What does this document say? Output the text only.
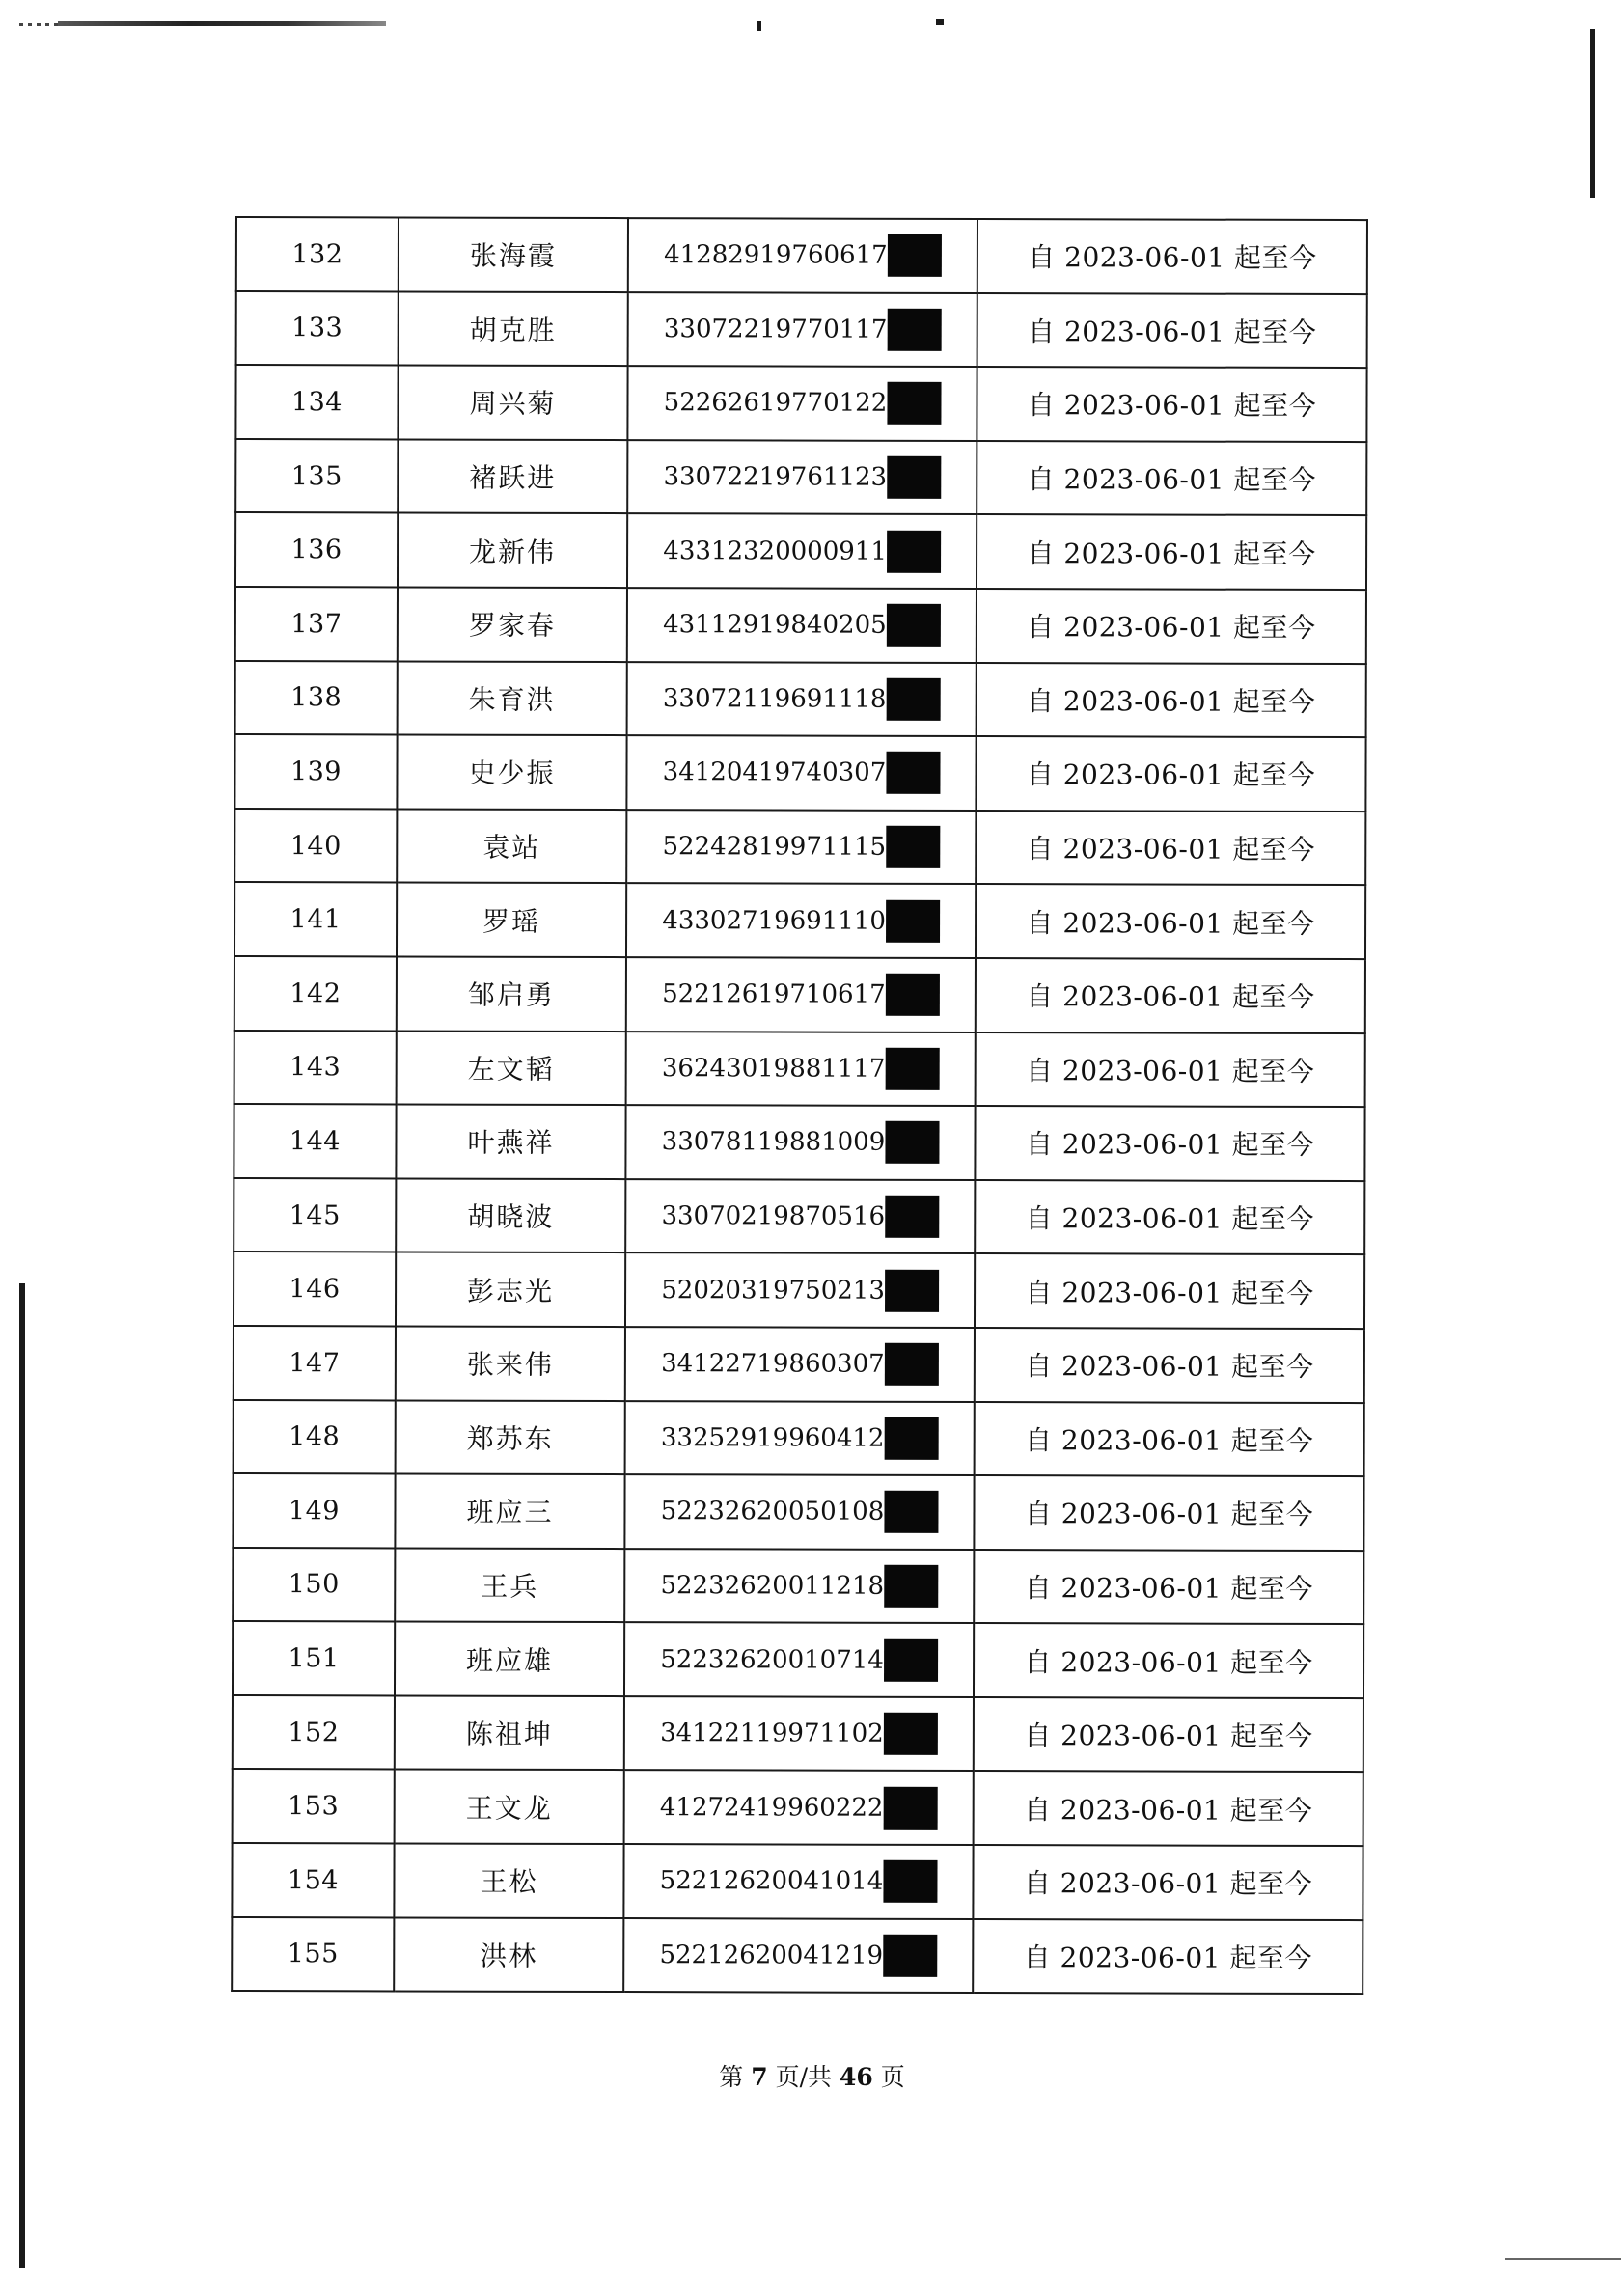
132	张海霞	41282919760617	自 2023-06-01 起至今
133	胡克胜	33072219770117	自 2023-06-01 起至今
134	周兴菊	52262619770122	自 2023-06-01 起至今
135	褚跃进	33072219761123	自 2023-06-01 起至今
136	龙新伟	43312320000911	自 2023-06-01 起至今
137	罗家春	43112919840205	自 2023-06-01 起至今
138	朱育洪	33072119691118	自 2023-06-01 起至今
139	史少振	34120419740307	自 2023-06-01 起至今
140	袁站	52242819971115	自 2023-06-01 起至今
141	罗瑶	43302719691110	自 2023-06-01 起至今
142	邹启勇	52212619710617	自 2023-06-01 起至今
143	左文韬	36243019881117	自 2023-06-01 起至今
144	叶燕祥	33078119881009	自 2023-06-01 起至今
145	胡晓波	33070219870516	自 2023-06-01 起至今
146	彭志光	52020319750213	自 2023-06-01 起至今
147	张来伟	34122719860307	自 2023-06-01 起至今
148	郑苏东	33252919960412	自 2023-06-01 起至今
149	班应三	52232620050108	自 2023-06-01 起至今
150	王兵	52232620011218	自 2023-06-01 起至今
151	班应雄	52232620010714	自 2023-06-01 起至今
152	陈祖坤	34122119971102	自 2023-06-01 起至今
153	王文龙	41272419960222	自 2023-06-01 起至今
154	王松	52212620041014	自 2023-06-01 起至今
155	洪林	52212620041219	自 2023-06-01 起至今
第 7 页/共 46 页
